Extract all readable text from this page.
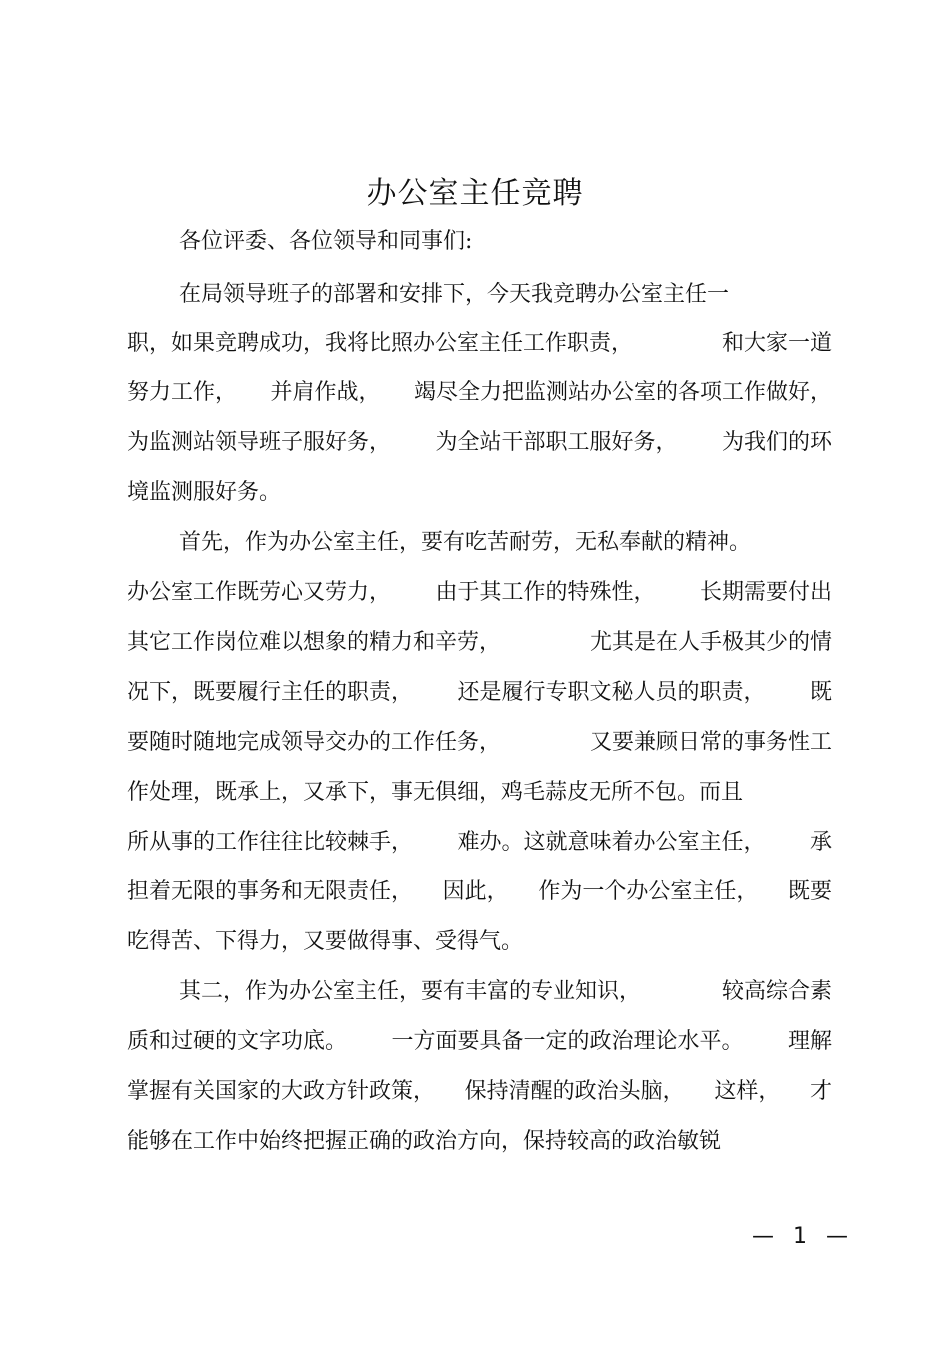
办公室主任竞聘
各位评委、各位领导和同事们:
在局领导班子的部署和安排下，今天我竞聘办公室主任一
职，如果竞聘成功，我将比照办公室主任工作职责，	和大家一道
努力工作， 并肩作战， 竭尽全力把监测站办公室的各项工作做好，
为监测站领导班子服好务， 为全站干部职工服好务， 为我们的环
境监测服好务。
首先，作为办公室主任，要有吃苦耐劳，无私奉献的精神。
办公室工作既劳心又劳力， 由于其工作的特殊性， 长期需要付出
其它工作岗位难以想象的精力和辛劳，	尤其是在人手极其少的情
况下，既要履行主任的职责， 还是履行专职文秘人员的职责， 既
要随时随地完成领导交办的工作任务，	又要兼顾日常的事务性工
作处理，既承上，又承下，事无俱细，鸡毛蒜皮无所不包。而且
所从事的工作往往比较棘手， 难办。这就意味着办公室主任， 承
担着无限的事务和无限责任， 因此， 作为一个办公室主任， 既要
吃得苦、下得力，又要做得事、受得气。
其二，作为办公室主任，要有丰富的专业知识，	较高综合素
质和过硬的文字功底。 一方面要具备一定的政治理论水平。 理解
掌握有关国家的大政方针政策， 保持清醒的政治头脑， 这样， 才
能够在工作中始终把握正确的政治方向，保持较高的政治敏锐
— 1 —
